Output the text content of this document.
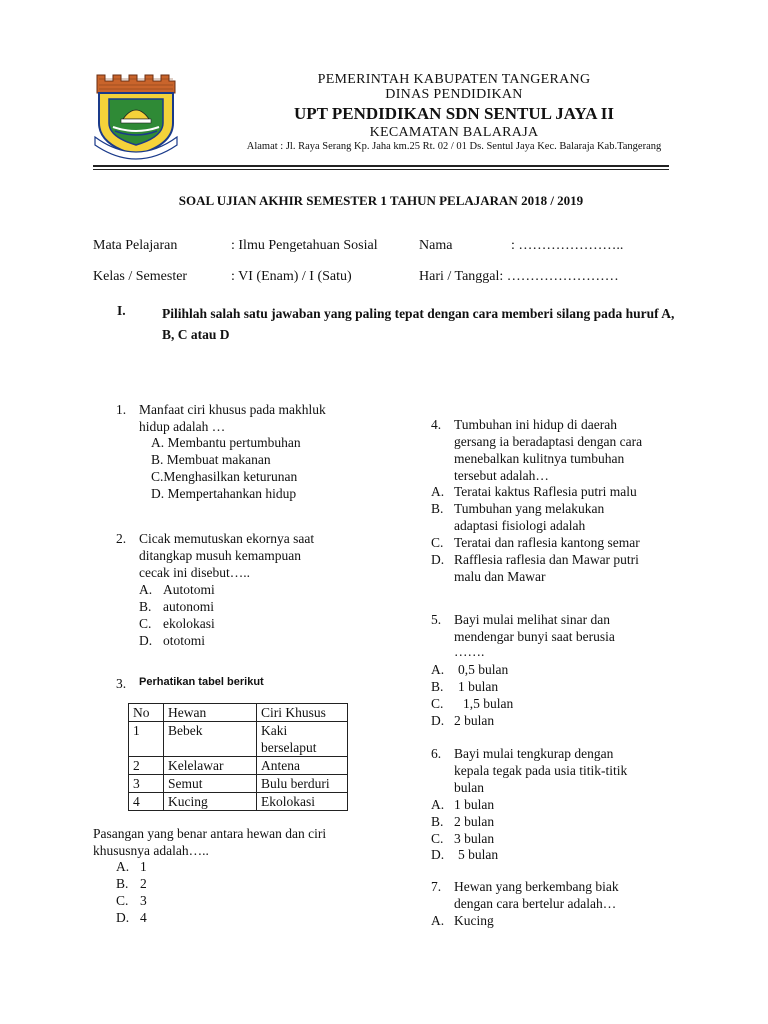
PEMERINTAH KABUPATEN TANGERANG
DINAS PENDIDIKAN
UPT PENDIDIKAN SDN SENTUL JAYA II
KECAMATAN BALARAJA
Alamat : Jl. Raya Serang Kp. Jaha km.25 Rt. 02 / 01 Ds. Sentul Jaya Kec. Balaraja Kab.Tangerang
SOAL UJIAN AKHIR SEMESTER 1 TAHUN PELAJARAN 2018 / 2019
Mata Pelajaran	: Ilmu Pengetahuan Sosial	Nama	: …………………..
Kelas / Semester	: VI (Enam) / I (Satu)	Hari / Tanggal: ……………………
I.	Pilihlah salah satu jawaban yang paling tepat dengan cara memberi silang pada huruf A, B, C atau D
1. Manfaat ciri khusus pada makhluk
hidup adalah …
A. Membantu pertumbuhan
B. Membuat makanan
C.Menghasilkan keturunan
D. Mempertahankan hidup
2. Cicak memutuskan ekornya saat
ditangkap musuh kemampuan
cecak ini disebut…..
A. Autotomi
B. autonomi
C. ekolokasi
D. ototomi
3. Perhatikan tabel berikut
No	Hewan	Ciri Khusus
1	Bebek	Kaki
berselaput
2	Kelelawar	Antena
3	Semut	Bulu berduri
4	Kucing	Ekolokasi
Pasangan yang benar antara hewan dan ciri
khususnya adalah…..
A. 1
B. 2
C. 3
D. 4
4. Tumbuhan ini hidup di daerah
gersang ia beradaptasi dengan cara
menebalkan kulitnya tumbuhan
tersebut adalah…
A. Teratai kaktus Raflesia putri malu
B. Tumbuhan yang melakukan
adaptasi fisiologi adalah
C. Teratai dan raflesia kantong semar
D. Rafflesia raflesia dan Mawar putri
malu dan Mawar
5. Bayi mulai melihat sinar dan
mendengar bunyi saat berusia
…….
A. 0,5 bulan
B. 1 bulan
C. 1,5 bulan
D. 2 bulan
6. Bayi mulai tengkurap dengan
kepala tegak pada usia titik-titik
bulan
A. 1 bulan
B. 2 bulan
C. 3 bulan
D. 5 bulan
7. Hewan yang berkembang biak
dengan cara bertelur adalah…
A. Kucing
